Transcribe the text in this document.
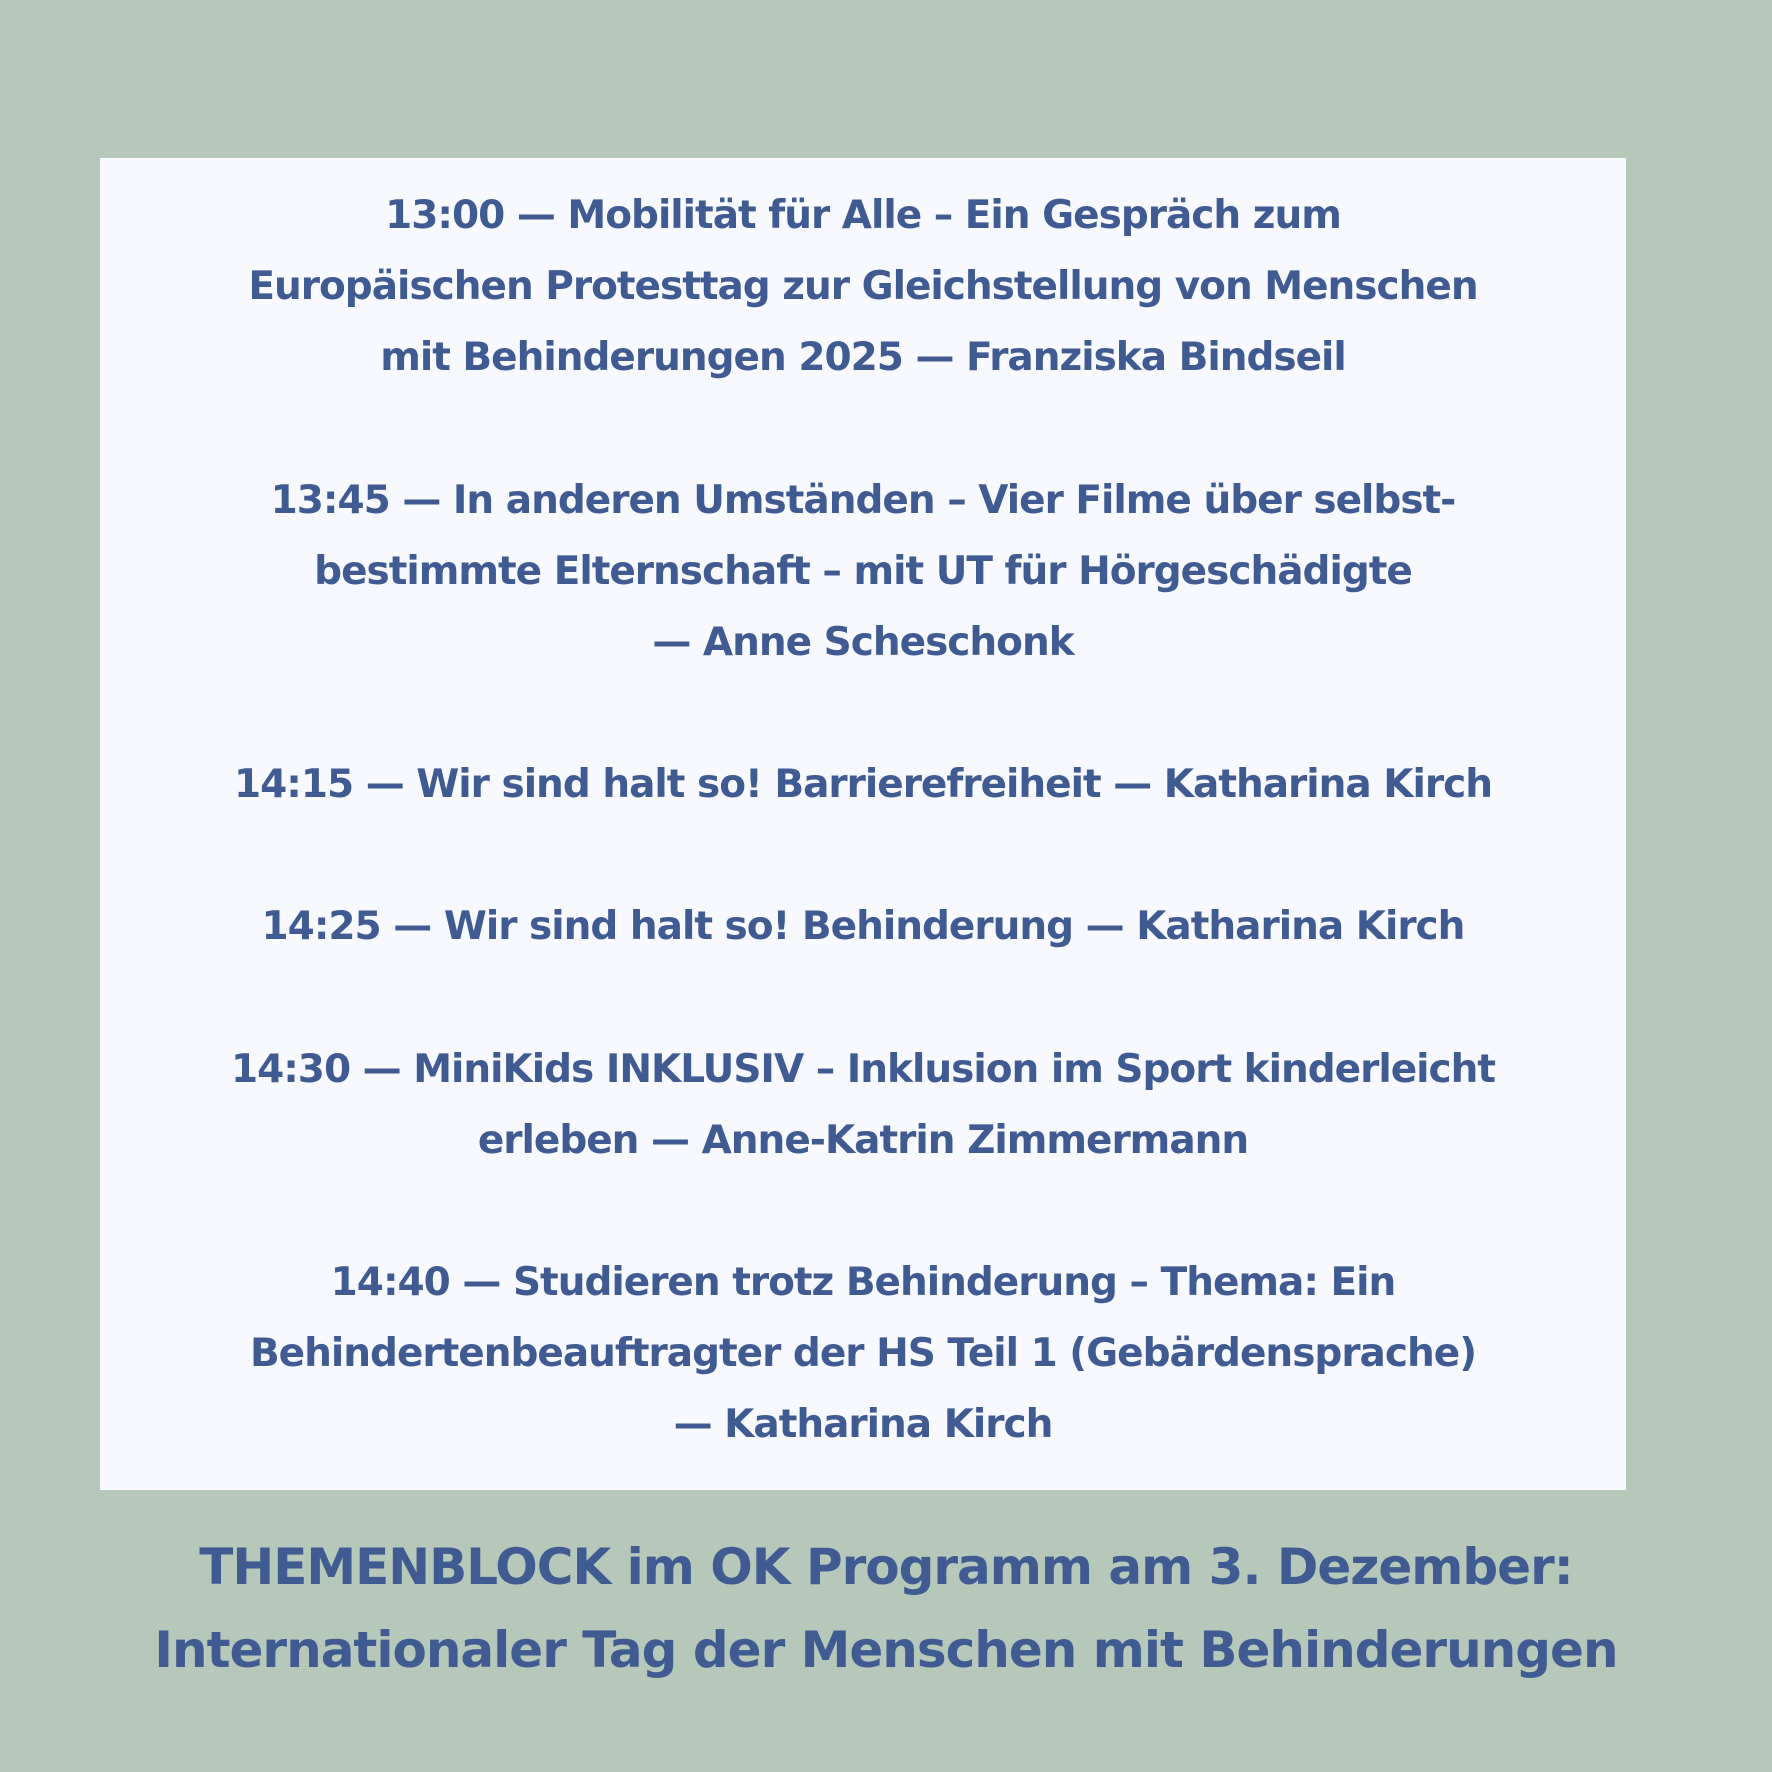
13:00 — Mobilität für Alle – Ein Gespräch zum
Europäischen Protesttag zur Gleichstellung von Menschen
mit Behinderungen 2025 — Franziska Bindseil
13:45 — In anderen Umständen – Vier Filme über selbst-
bestimmte Elternschaft – mit UT für Hörgeschädigte
— Anne Scheschonk
14:15 — Wir sind halt so! Barrierefreiheit — Katharina Kirch
14:25 — Wir sind halt so! Behinderung — Katharina Kirch
14:30 — MiniKids INKLUSIV – Inklusion im Sport kinderleicht
erleben — Anne-Katrin Zimmermann
14:40 — Studieren trotz Behinderung – Thema: Ein
Behindertenbeauftragter der HS Teil 1 (Gebärdensprache)
— Katharina Kirch
THEMENBLOCK im OK Programm am 3. Dezember:
Internationaler Tag der Menschen mit Behinderungen
